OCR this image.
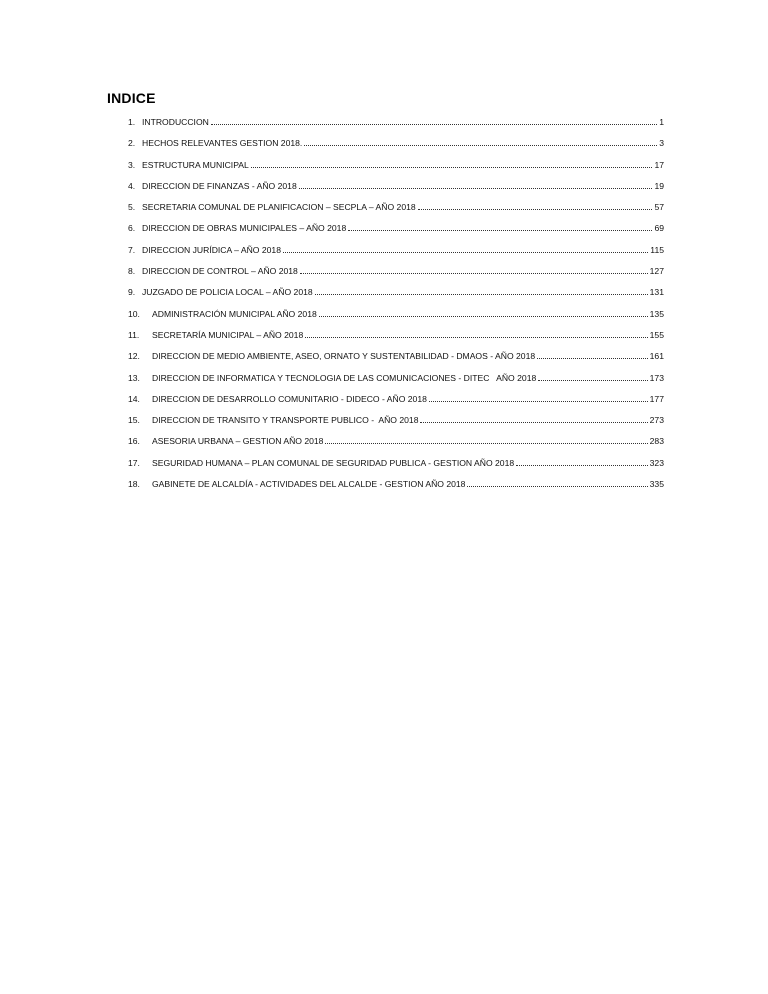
INDICE
1. INTRODUCCION	1
2. HECHOS RELEVANTES GESTION 2018.	3
3. ESTRUCTURA MUNICIPAL	17
4. DIRECCION DE FINANZAS - AÑO 2018	19
5. SECRETARIA COMUNAL DE PLANIFICACION – SECPLA – AÑO 2018	57
6. DIRECCION DE OBRAS MUNICIPALES – AÑO 2018	69
7. DIRECCION JURÍDICA – AÑO 2018	115
8. DIRECCION DE CONTROL – AÑO 2018	127
9. JUZGADO DE POLICIA LOCAL – AÑO 2018	131
10.	ADMINISTRACIÓN MUNICIPAL AÑO 2018	135
11.	SECRETARÍA MUNICIPAL – AÑO 2018	155
12.	DIRECCION DE MEDIO AMBIENTE, ASEO, ORNATO Y SUSTENTABILIDAD - DMAOS - AÑO 2018	161
13.	DIRECCION DE INFORMATICA Y TECNOLOGIA DE LAS COMUNICACIONES - DITEC   AÑO 2018	173
14.	DIRECCION DE DESARROLLO COMUNITARIO - DIDECO - AÑO 2018	177
15.	DIRECCION DE TRANSITO Y TRANSPORTE PUBLICO -  AÑO 2018	273
16.	ASESORIA URBANA – GESTION AÑO 2018	283
17.	SEGURIDAD HUMANA – PLAN COMUNAL DE SEGURIDAD PUBLICA - GESTION AÑO 2018	323
18.	GABINETE DE ALCALDÍA - ACTIVIDADES DEL ALCALDE - GESTION AÑO 2018	335
